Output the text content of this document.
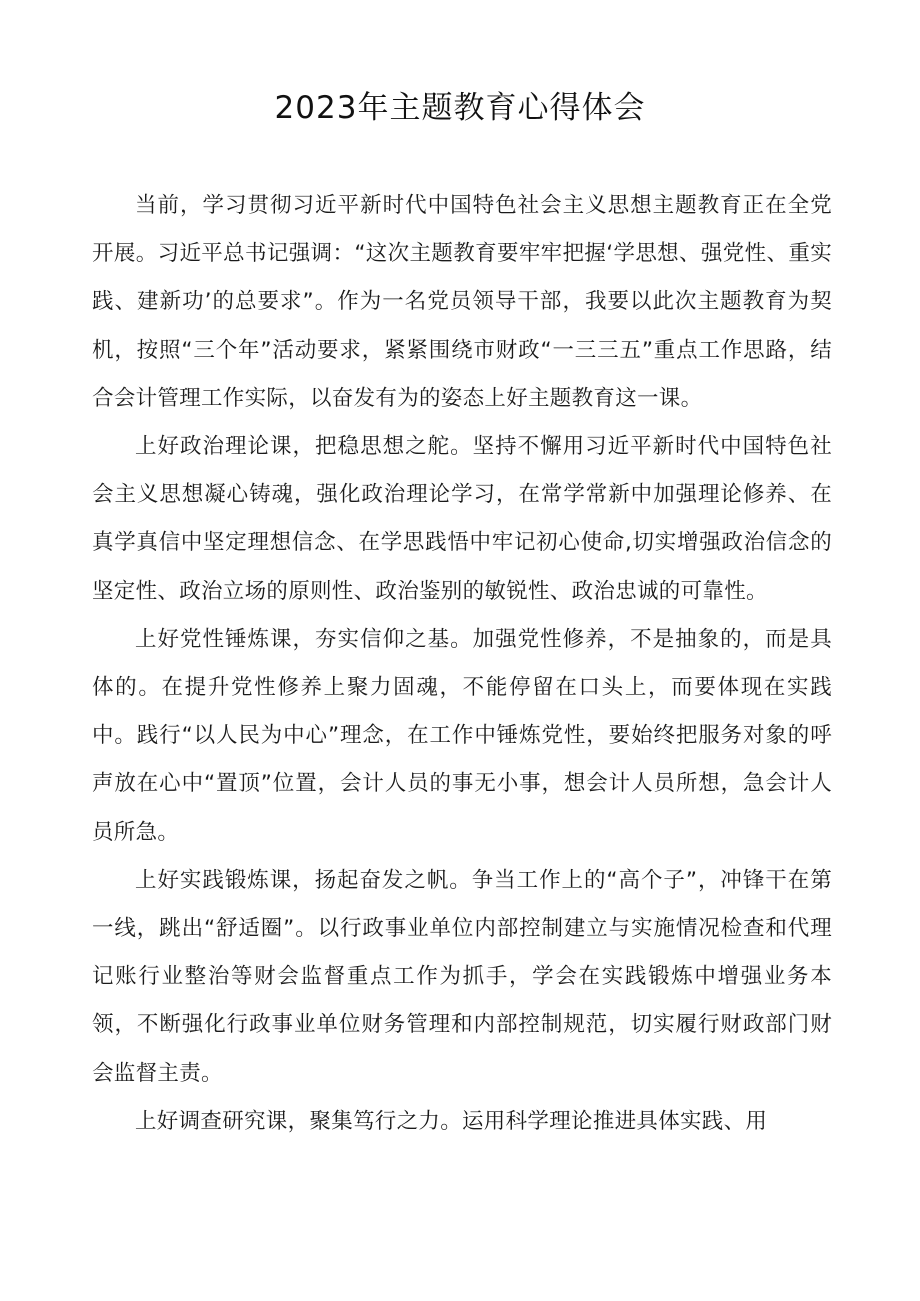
2023年主题教育心得体会

当前，学习贯彻习近平新时代中国特色社会主义思想主题教育正在全党开展。习近平总书记强调：“这次主题教育要牢牢把握‘学思想、强党性、重实践、建新功’的总要求”。作为一名党员领导干部，我要以此次主题教育为契机，按照“三个年”活动要求，紧紧围绕市财政“一三三五”重点工作思路，结合会计管理工作实际，以奋发有为的姿态上好主题教育这一课。

上好政治理论课，把稳思想之舵。坚持不懈用习近平新时代中国特色社会主义思想凝心铸魂，强化政治理论学习，在常学常新中加强理论修养、在真学真信中坚定理想信念、在学思践悟中牢记初心使命,切实增强政治信念的坚定性、政治立场的原则性、政治鉴别的敏锐性、政治忠诚的可靠性。

上好党性锤炼课，夯实信仰之基。加强党性修养，不是抽象的，而是具体的。在提升党性修养上聚力固魂，不能停留在口头上，而要体现在实践中。践行“以人民为中心”理念，在工作中锤炼党性，要始终把服务对象的呼声放在心中“置顶”位置，会计人员的事无小事，想会计人员所想，急会计人员所急。

上好实践锻炼课，扬起奋发之帆。争当工作上的“高个子”，冲锋干在第一线，跳出“舒适圈”。以行政事业单位内部控制建立与实施情况检查和代理记账行业整治等财会监督重点工作为抓手，学会在实践锻炼中增强业务本领，不断强化行政事业单位财务管理和内部控制规范，切实履行财政部门财会监督主责。

上好调查研究课，聚集笃行之力。运用科学理论推进具体实践、用
